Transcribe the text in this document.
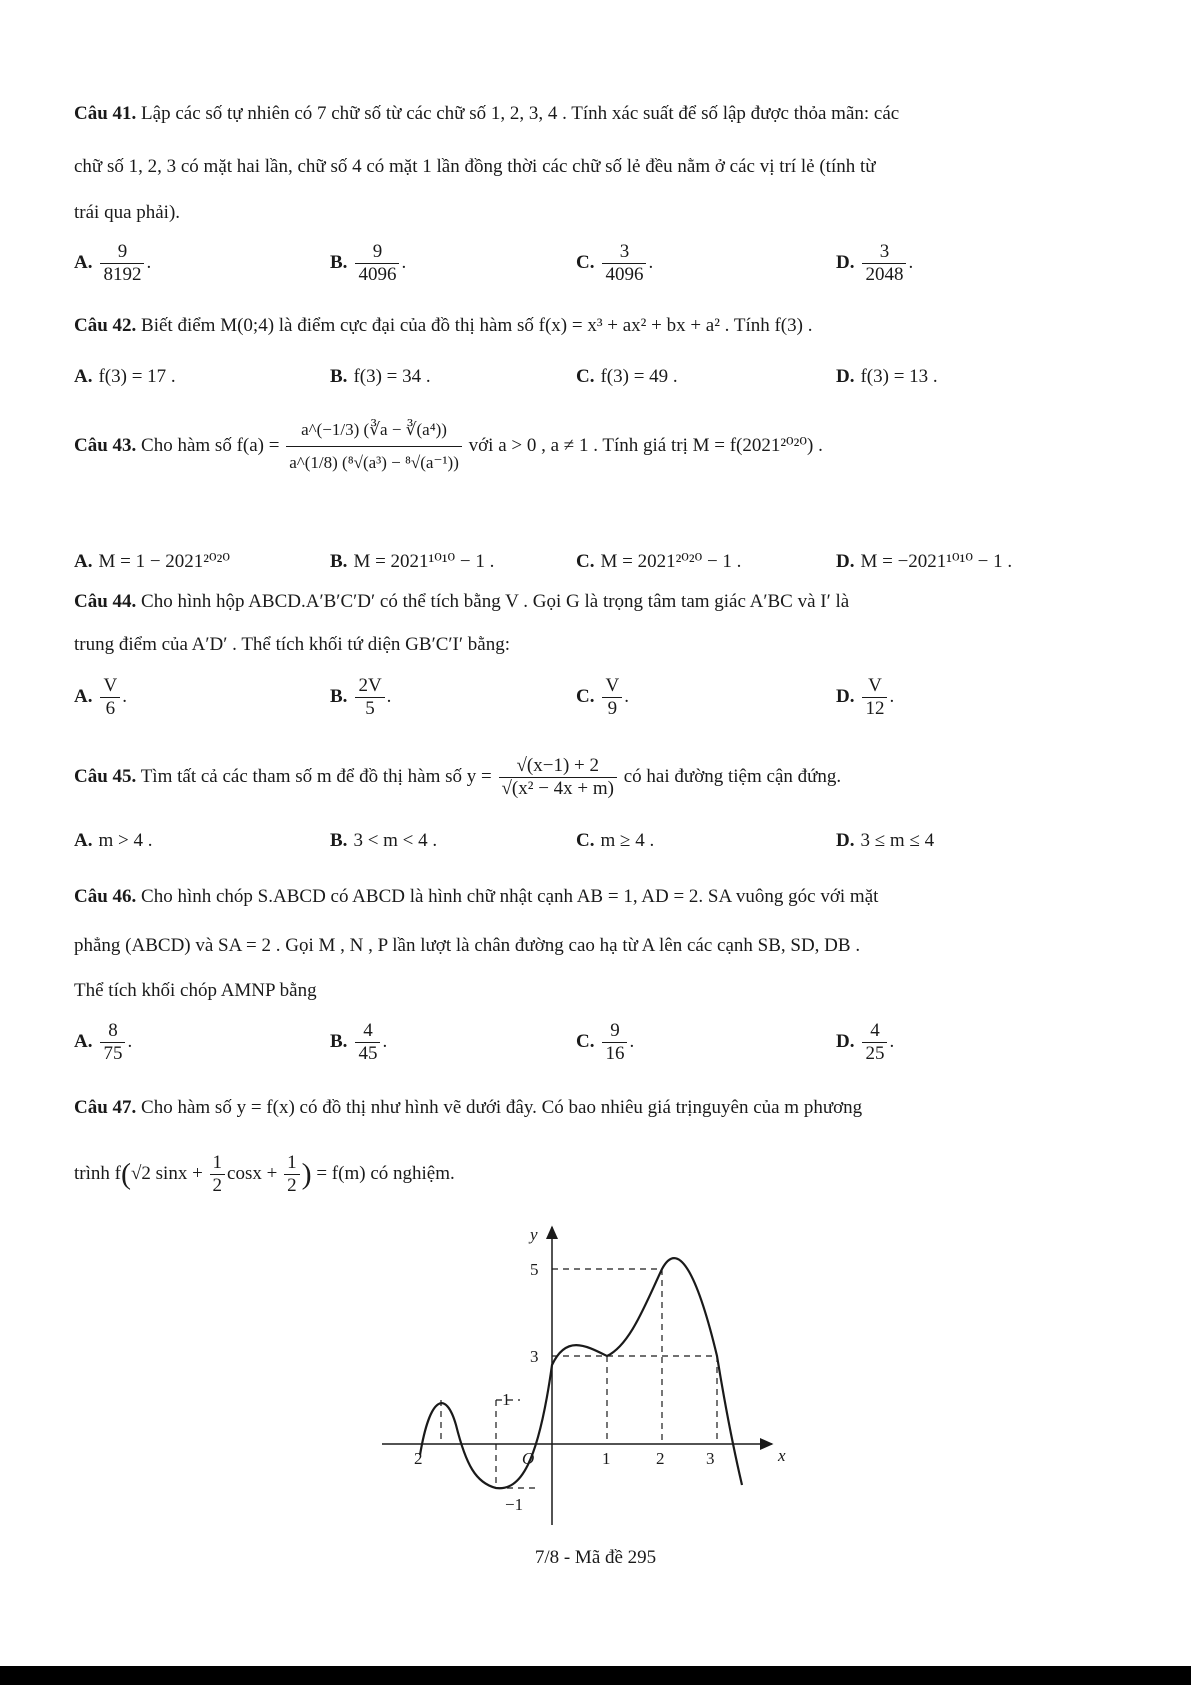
Câu 41. Lập các số tự nhiên có 7 chữ số từ các chữ số 1, 2, 3, 4 . Tính xác suất để số lập được thỏa mãn: các
chữ số 1, 2, 3 có mặt hai lần, chữ số 4 có mặt 1 lần đồng thời các chữ số lẻ đều nằm ở các vị trí lẻ (tính từ
trái qua phải).
A. $\frac{9}{8192}$ .	B. $\frac{9}{4096}$ .	C. $\frac{3}{4096}$ .	D. $\frac{3}{2048}$ .
Câu 42. Biết điểm M(0;4) là điểm cực đại của đồ thị hàm số f(x) = x³ + ax² + bx + a² . Tính f(3) .
A. f(3) = 17 .	B. f(3) = 34 .	C. f(3) = 49 .	D. f(3) = 13 .
Câu 43. Cho hàm số $f(a) = \frac{\text{a\textasciicircum{}(−1/3) (∛a − ∛(a⁴))}}{\text{a\textasciicircum{}(1/8) (⁸√(a³) − ⁸√(a⁻¹))}}$ với a > 0 , a ≠ 1 . Tính giá trị M = f(2021²⁰²⁰) .
A. M = 1 − 2021²⁰²⁰	B. M = 2021¹⁰¹⁰ − 1 .	C. M = 2021²⁰²⁰ − 1 .	D. M = −2021¹⁰¹⁰ − 1 .
Câu 44. Cho hình hộp ABCD.A′B′C′D′ có thể tích bằng V . Gọi G là trọng tâm tam giác A′BC và I′ là
trung điểm của A′D′ . Thể tích khối tứ diện GB′C′I′ bằng:
A. $\frac{V}{6}$ .	B. $\frac{2V}{5}$ .	C. $\frac{V}{9}$ .	D. $\frac{V}{12}$ .
Câu 45. Tìm tất cả các tham số m để đồ thị hàm số $y = \frac{√(x-1) + 2}{\text{√(x² − 4x + m)}}$ có hai đường tiệm cận đứng.
A. m > 4 .	B. 3 < m < 4 .	C. m ≥ 4 .	D. 3 ≤ m ≤ 4
Câu 46. Cho hình chóp S.ABCD có ABCD là hình chữ nhật cạnh AB = 1, AD = 2. SA vuông góc với mặt
phẳng (ABCD) và SA = 2 . Gọi M , N , P lần lượt là chân đường cao hạ từ A lên các cạnh SB, SD, DB .
Thể tích khối chóp AMNP bằng
A. $\frac{8}{75}$ .	B. $\frac{4}{45}$ .	C. $\frac{9}{16}$ .	D. $\frac{4}{25}$ .
Câu 47. Cho hàm số y = f(x) có đồ thị như hình vẽ dưới đây. Có bao nhiêu giá trịnguyên của m phương
trình f(√2 $\sin x + \frac{1}{2}$ $\cos x + \frac{1}{2}$ ) = f(m) có nghiệm.
y
x
5
3
1
−1
2	O	1	2 3
7/8 - Mã đề 295
